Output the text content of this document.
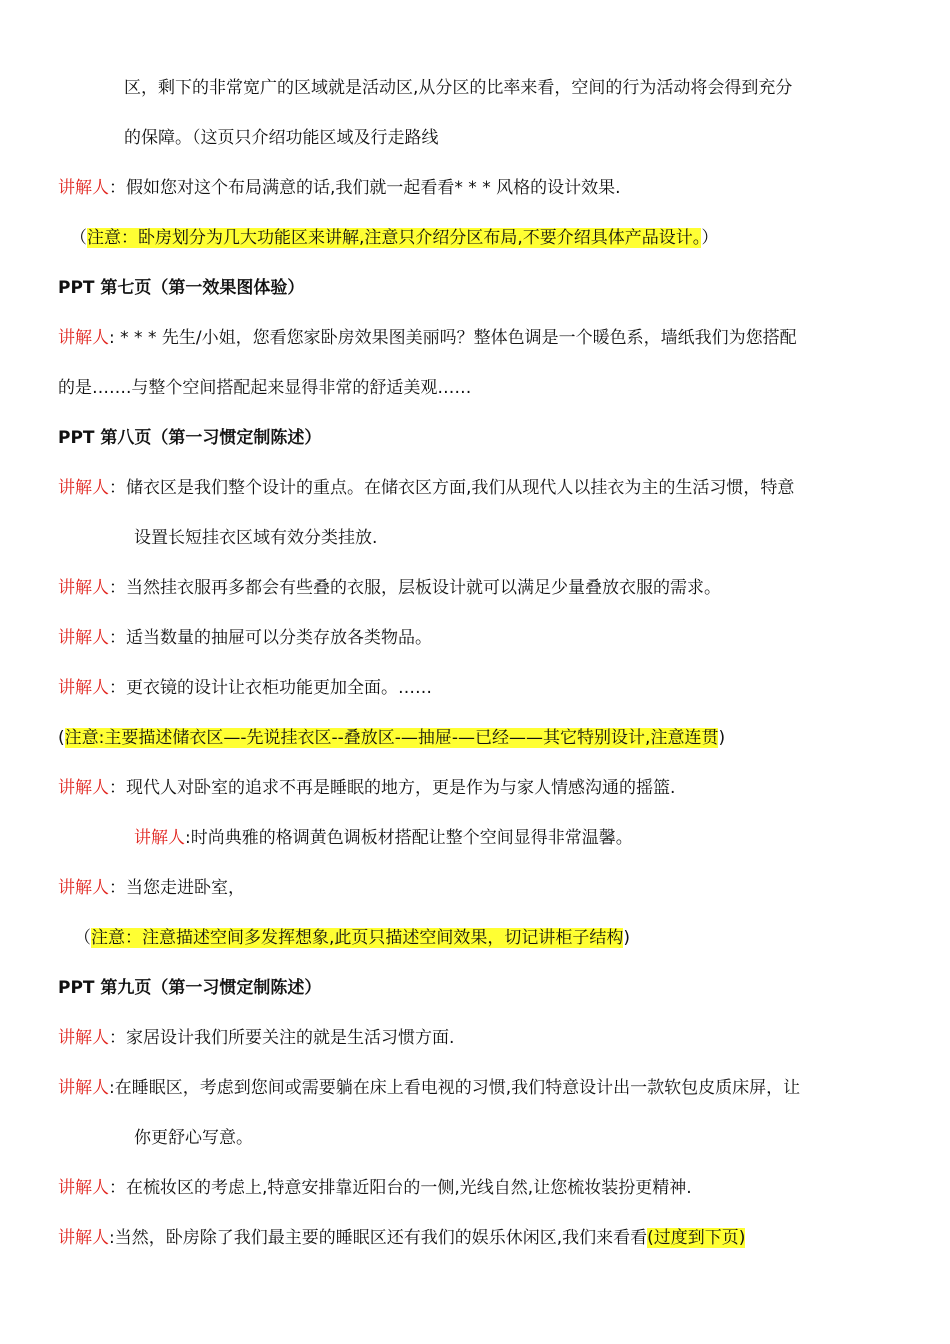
区，剩下的非常宽广的区域就是活动区,从分区的比率来看，空间的行为活动将会得到充分
的保障。（这页只介绍功能区域及行走路线
讲解人：假如您对这个布局满意的话,我们就一起看看* * * 风格的设计效果.
（注意：卧房划分为几大功能区来讲解,注意只介绍分区布局,不要介绍具体产品设计。）
PPT 第七页（第一效果图体验）
讲解人: * * * 先生/小姐，您看您家卧房效果图美丽吗？整体色调是一个暖色系，墙纸我们为您搭配
的是…….与整个空间搭配起来显得非常的舒适美观……
PPT 第八页（第一习惯定制陈述）
讲解人：储衣区是我们整个设计的重点。在储衣区方面,我们从现代人以挂衣为主的生活习惯，特意
设置长短挂衣区域有效分类挂放.
讲解人：当然挂衣服再多都会有些叠的衣服，层板设计就可以满足少量叠放衣服的需求。
讲解人：适当数量的抽屉可以分类存放各类物品。
讲解人：更衣镜的设计让衣柜功能更加全面。……
(注意:主要描述储衣区—-先说挂衣区--叠放区-—抽屉-—已经——其它特别设计,注意连贯)
讲解人：现代人对卧室的追求不再是睡眠的地方，更是作为与家人情感沟通的摇篮.
讲解人:时尚典雅的格调黄色调板材搭配让整个空间显得非常温馨。
讲解人：当您走进卧室，
（注意：注意描述空间多发挥想象,此页只描述空间效果，切记讲柜子结构)
PPT 第九页（第一习惯定制陈述）
讲解人：家居设计我们所要关注的就是生活习惯方面.
讲解人:在睡眠区，考虑到您间或需要躺在床上看电视的习惯,我们特意设计出一款软包皮质床屏，让
你更舒心写意。
讲解人：在梳妆区的考虑上,特意安排靠近阳台的一侧,光线自然,让您梳妆装扮更精神.
讲解人:当然，卧房除了我们最主要的睡眠区还有我们的娱乐休闲区,我们来看看(过度到下页)
